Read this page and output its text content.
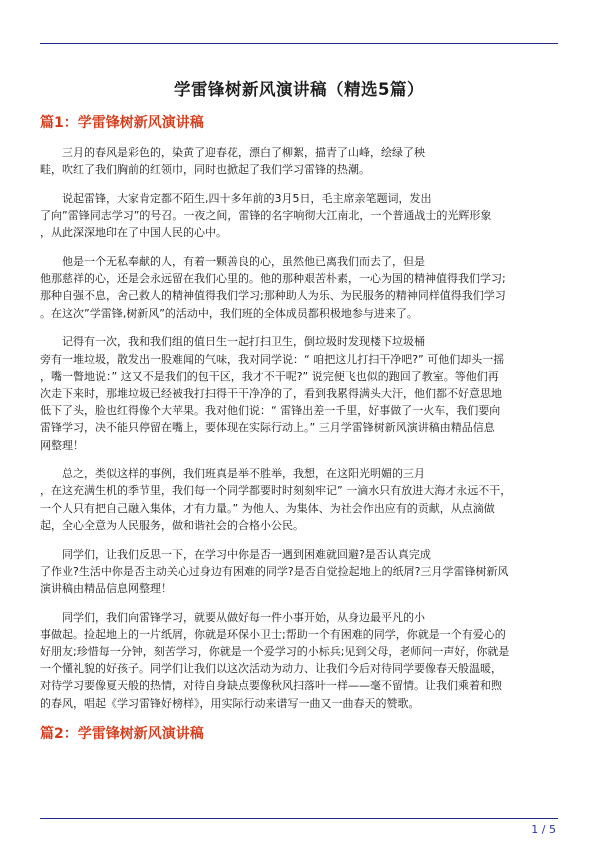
学雷锋树新风演讲稿（精选5篇）
篇1：学雷锋树新风演讲稿
三月的春风是彩色的，染黄了迎春花，漂白了柳絮，描青了山峰，绘绿了秧
畦，吹红了我们胸前的红领巾，同时也掀起了我们学习雷锋的热潮。
说起雷锋，大家肯定都不陌生,四十多年前的3月5日，毛主席亲笔题词，发出
了向”雷锋同志学习”的号召。一夜之间，雷锋的名字响彻大江南北，一个普通战士的光辉形象
，从此深深地印在了中国人民的心中。
他是一个无私奉献的人，有着一颗善良的心，虽然他已离我们而去了，但是
他那慈祥的心，还是会永远留在我们心里的。他的那种艰苦朴素，一心为国的精神值得我们学习;
那种自强不息，舍己救人的精神值得我们学习;那种助人为乐、为民服务的精神同样值得我们学习
。在这次”学雷锋,树新风”的活动中，我们班的全体成员都积极地参与进来了。
记得有一次，我和我们组的值日生一起打扫卫生，倒垃圾时发现楼下垃圾桶
旁有一堆垃圾，散发出一股难闻的气味，我对同学说：“ 咱把这儿打扫干净吧?” 可他们却头一摇
，嘴一瞥地说：” 这又不是我们的包干区，我才不干呢?” 说完便飞也似的跑回了教室。等他们再
次走下来时，那堆垃圾已经被我打扫得干干净净的了，看到我累得满头大汗，他们都不好意思地
低下了头，脸也红得像个大苹果。我对他们说：“ 雷锋出差一千里，好事做了一火车，我们要向
雷锋学习，决不能只停留在嘴上，要体现在实际行动上。” 三月学雷锋树新风演讲稿由精品信息
网整理！
总之，类似这样的事例，我们班真是举不胜举，我想，在这阳光明媚的三月
，在这充满生机的季节里，我们每一个同学都要时时刻刻牢记” 一滴水只有放进大海才永远不干，
一个人只有把自己融入集体，才有力量。” 为他人、为集体、为社会作出应有的贡献，从点滴做
起，全心全意为人民服务，做和谐社会的合格小公民。
同学们，让我们反思一下，在学习中你是否一遇到困难就回避?是否认真完成
了作业?生活中你是否主动关心过身边有困难的同学?是否自觉捡起地上的纸屑?三月学雷锋树新风
演讲稿由精品信息网整理！
同学们，我们向雷锋学习，就要从做好每一件小事开始，从身边最平凡的小
事做起。捡起地上的一片纸屑，你就是环保小卫士;帮助一个有困难的同学，你就是一个有爱心的
好朋友;珍惜每一分钟，刻苦学习，你就是一个爱学习的小标兵;见到父母，老师问一声好，你就是
一个懂礼貌的好孩子。同学们让我们以这次活动为动力、让我们今后对待同学要像春天般温暖，
对待学习要像夏天般的热情，对待自身缺点要像秋风扫落叶一样——毫不留情。让我们乘着和煦
的春风，唱起《学习雷锋好榜样》，用实际行动来谱写一曲又一曲春天的赞歌。
篇2：学雷锋树新风演讲稿
1 / 5
